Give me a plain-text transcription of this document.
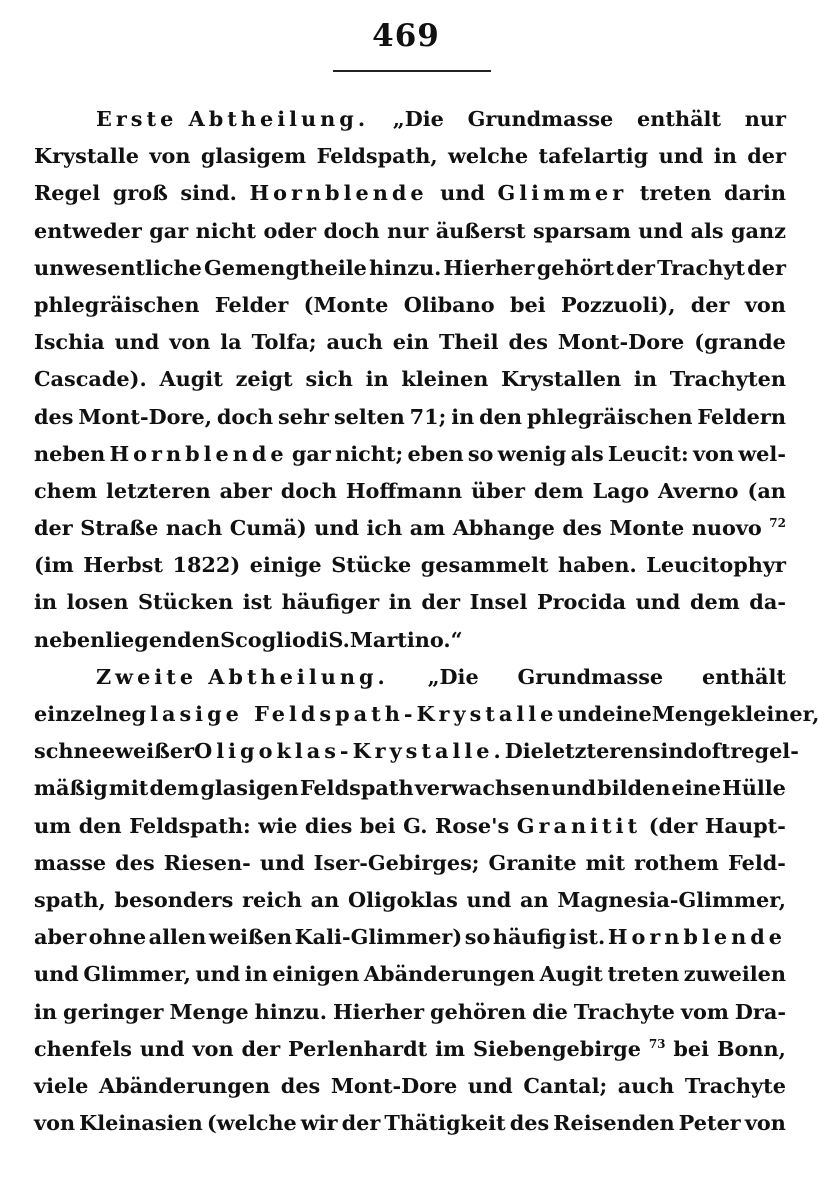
469
Erste Abtheilung. „Die Grundmasse enthält nur
Krystalle von glasigem Feldspath, welche tafelartig und in der
Regel groß sind. Hornblende und Glimmer treten darin
entweder gar nicht oder doch nur äußerst sparsam und als ganz
unwesentliche Gemengtheile hinzu. Hierher gehört der Trachyt der
phlegräischen Felder (Monte Olibano bei Pozzuoli), der von
Ischia und von la Tolfa; auch ein Theil des Mont-Dore (grande
Cascade). Augit zeigt sich in kleinen Krystallen in Trachyten
des Mont-Dore, doch sehr selten 71; in den phlegräischen Feldern
neben Hornblende gar nicht; eben so wenig als Leucit: von wel-
chem letzteren aber doch Hoffmann über dem Lago Averno (an
der Straße nach Cumä) und ich am Abhange des Monte nuovo $^{72}$
(im Herbst 1822) einige Stücke gesammelt haben. Leucitophyr
in losen Stücken ist häufiger in der Insel Procida und dem da-
neben liegenden Scoglio di S. Martino.“
Zweite Abtheilung. „Die Grundmasse enthält
einzelne glasige Feldspath-Krystalle und eine Menge kleiner,
schneeweißer Oligoklas-Krystalle. Die letzteren sind oft regel-
mäßig mit dem glasigen Feldspath verwachsen und bilden eine Hülle
um den Feldspath: wie dies bei G. Rose's Granitit (der Haupt-
masse des Riesen- und Iser-Gebirges; Granite mit rothem Feld-
spath, besonders reich an Oligoklas und an Magnesia-Glimmer,
aber ohne allen weißen Kali-Glimmer) so häufig ist. Hornblende
und Glimmer, und in einigen Abänderungen Augit treten zuweilen
in geringer Menge hinzu. Hierher gehören die Trachyte vom Dra-
chenfels und von der Perlenhardt im Siebengebirge $^{73}$ bei Bonn,
viele Abänderungen des Mont-Dore und Cantal; auch Trachyte
von Kleinasien (welche wir der Thätigkeit des Reisenden Peter von
